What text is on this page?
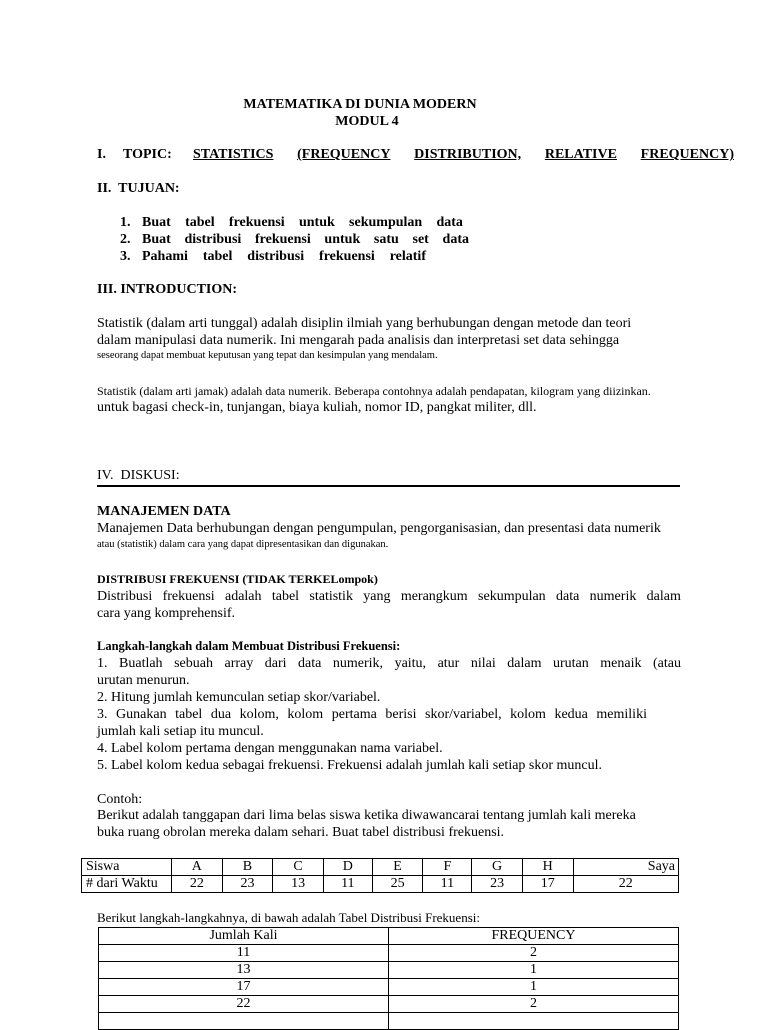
MATEMATIKA DI DUNIA MODERN
MODUL 4
I. TOPIC:	STATISTICS (FREQUENCY DISTRIBUTION, RELATIVE FREQUENCY)
II.  TUJUAN:
1. Buat tabel frekuensi untuk sekumpulan data
2. Buat distribusi frekuensi untuk satu set data
3. Pahami tabel distribusi frekuensi relatif
III. INTRODUCTION:
Statistik (dalam arti tunggal) adalah disiplin ilmiah yang berhubungan dengan metode dan teori
dalam manipulasi data numerik. Ini mengarah pada analisis dan interpretasi set data sehingga
seseorang dapat membuat keputusan yang tepat dan kesimpulan yang mendalam.
Statistik (dalam arti jamak) adalah data numerik. Beberapa contohnya adalah pendapatan, kilogram yang diizinkan.
untuk bagasi check-in, tunjangan, biaya kuliah, nomor ID, pangkat militer, dll.
IV.  DISKUSI:
MANAJEMEN DATA
Manajemen Data berhubungan dengan pengumpulan, pengorganisasian, dan presentasi data numerik
atau (statistik) dalam cara yang dapat dipresentasikan dan digunakan.
DISTRIBUSI FREKUENSI (TIDAK TERKELompok)
Distribusi frekuensi adalah tabel statistik yang merangkum sekumpulan data numerik dalam
cara yang komprehensif.
Langkah-langkah dalam Membuat Distribusi Frekuensi:
1. Buatlah sebuah array dari data numerik, yaitu, atur nilai dalam urutan menaik (atau
urutan menurun.
2. Hitung jumlah kemunculan setiap skor/variabel.
3. Gunakan tabel dua kolom, kolom pertama berisi skor/variabel, kolom kedua memiliki
jumlah kali setiap itu muncul.
4. Label kolom pertama dengan menggunakan nama variabel.
5. Label kolom kedua sebagai frekuensi. Frekuensi adalah jumlah kali setiap skor muncul.
Contoh:
Berikut adalah tanggapan dari lima belas siswa ketika diwawancarai tentang jumlah kali mereka
buka ruang obrolan mereka dalam sehari. Buat tabel distribusi frekuensi.
Siswa	A	B	C	D	E	F	G	H	Saya
# dari Waktu	22	23	13	11	25	11	23	17	22
Berikut langkah-langkahnya, di bawah adalah Tabel Distribusi Frekuensi:
Jumlah Kali	FREQUENCY
11	2
13	1
17	1
22	2
